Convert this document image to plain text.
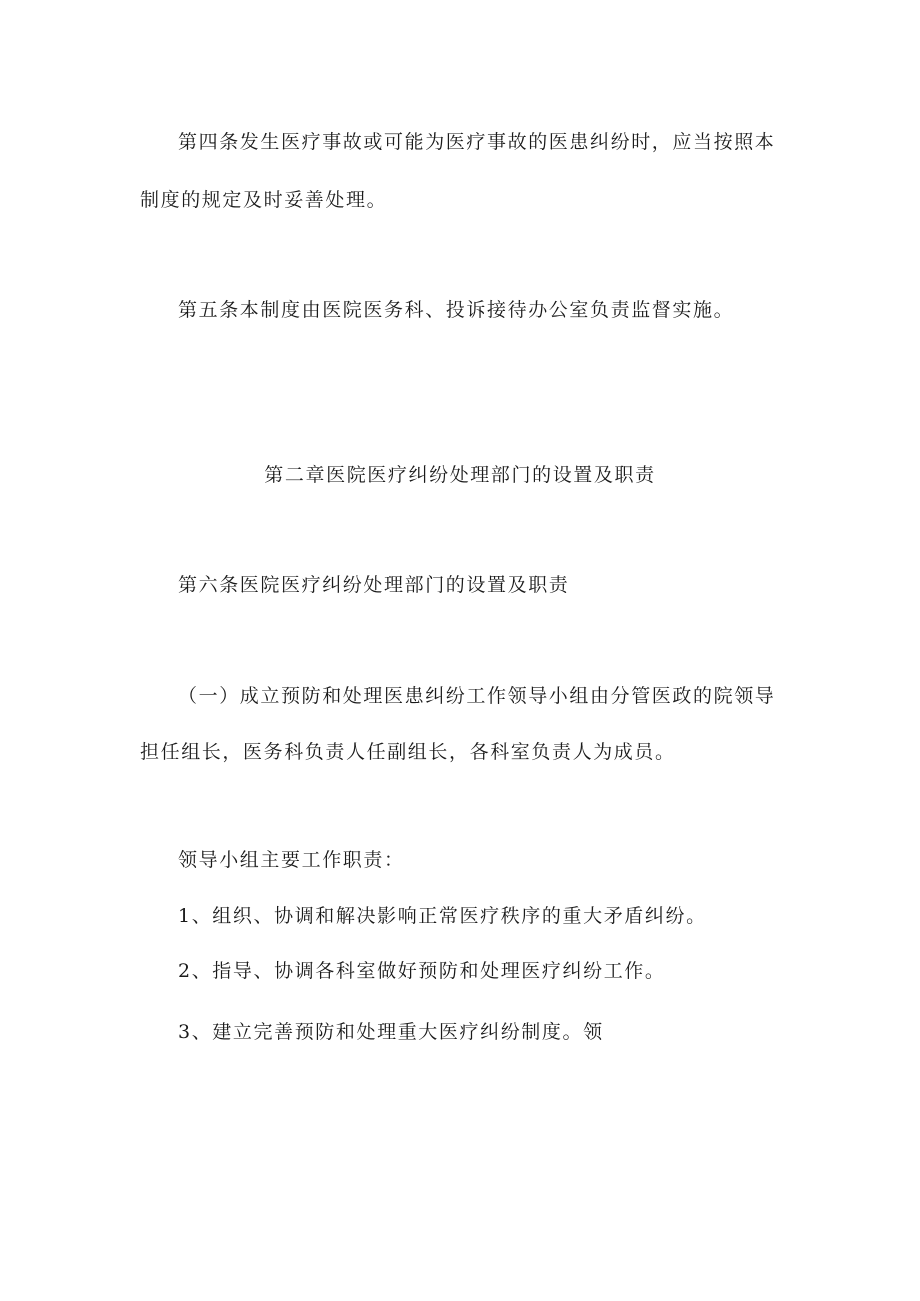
第四条发生医疗事故或可能为医疗事故的医患纠纷时，应当按照本
制度的规定及时妥善处理。
第五条本制度由医院医务科、投诉接待办公室负责监督实施。
第二章医院医疗纠纷处理部门的设置及职责
第六条医院医疗纠纷处理部门的设置及职责
（一）成立预防和处理医患纠纷工作领导小组由分管医政的院领导
担任组长，医务科负责人任副组长，各科室负责人为成员。
领导小组主要工作职责：
1、组织、协调和解决影响正常医疗秩序的重大矛盾纠纷。
2、指导、协调各科室做好预防和处理医疗纠纷工作。
3、建立完善预防和处理重大医疗纠纷制度。领
